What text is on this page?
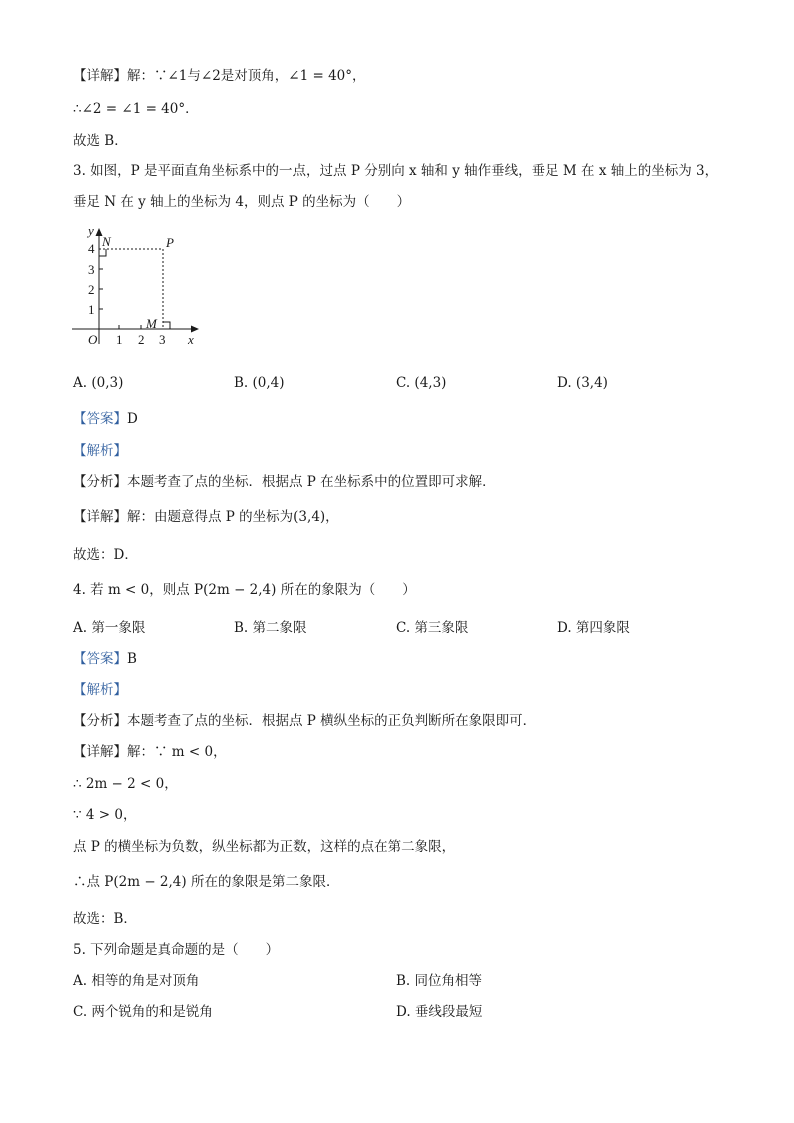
【详解】解：∵∠1与∠2是对顶角，∠1 = 40°，
∴∠2 = ∠1 = 40°．
故选 B．
3. 如图，P 是平面直角坐标系中的一点，过点 P 分别向 x 轴和 y 轴作垂线，垂足 M 在 x 轴上的坐标为 3，
垂足 N 在 y 轴上的坐标为 4，则点 P 的坐标为（　　）
y
4
3
2
1
N	P
M
O 1 2 3 x
A. (0,3)	B. (0,4)	C. (4,3)	D. (3,4)
【答案】D
【解析】
【分析】本题考查了点的坐标．根据点 P 在坐标系中的位置即可求解．
【详解】解：由题意得点 P 的坐标为(3,4)，
故选：D．
4. 若 m < 0，则点 P(2m − 2,4) 所在的象限为（　　）
A. 第一象限	B. 第二象限	C. 第三象限	D. 第四象限
【答案】B
【解析】
【分析】本题考查了点的坐标．根据点 P 横纵坐标的正负判断所在象限即可．
【详解】解：∵ m < 0，
∴ 2m − 2 < 0，
∵ 4 > 0，
点 P 的横坐标为负数，纵坐标都为正数，这样的点在第二象限，
∴点 P(2m − 2,4) 所在的象限是第二象限．
故选：B．
5. 下列命题是真命题的是（　　）
A. 相等的角是对顶角	B. 同位角相等
C. 两个锐角的和是锐角	D. 垂线段最短
